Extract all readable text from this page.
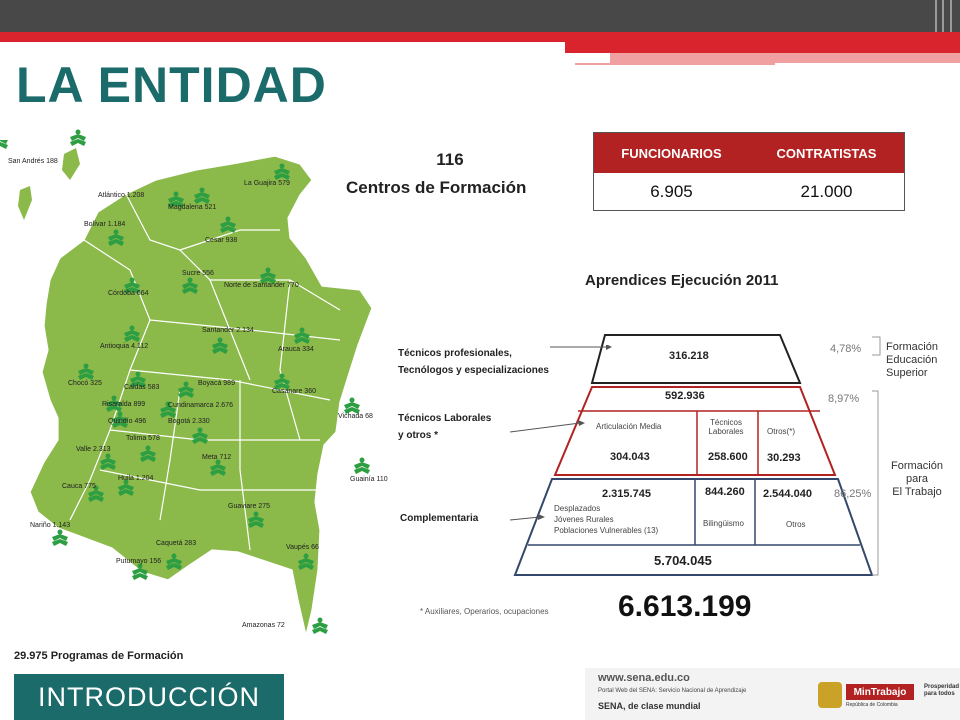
LA ENTIDAD
San Andrés 188
La Guajira 579
Atlántico 1.208
Magdalena 521
Bolívar 1.184
Cesar 938
Sucre 556
Norte de Santander 770
Córdoba 664
Santander 2.134
Antioquia 4.112	Arauca 334
Chocó 325
Caldas 583
Boyacá 989
Casanare 360
Risaralda 899	Cundinamarca 2.676
Vichada 68
Quindío 496	Bogotá 2.330
Tolima 578
Valle 2.313
Meta 712
Huila 1.204	Guainía 110
Cauca 775
Guaviare 275
Nariño 1.143
Caquetá 283
Vaupés 66
Putumayo 156
Amazonas 72
29.975 Programas de Formación
INTRODUCCIÓN
116
Centros de Formación
FUNCIONARIOS	CONTRATISTAS
6.905	21.000
Aprendices Ejecución 2011
Técnicos profesionales,
Tecnólogos y especializaciones
Técnicos Laborales
y otros *
Complementaria
316.218
592.936
Articulación Media
304.043
Técnicos
Laborales
258.600
Otros(*)
30.293
2.315.745
Desplazados
Jóvenes Rurales
Poblaciones Vulnerables (13)
844.260
Bilingüismo
2.544.040
Otros
5.704.045
4,78%
8,97%
86,25%
Formación
Educación
Superior
Formación
para
El Trabajo
6.613.199
* Auxiliares, Operarios, ocupaciones
www.sena.edu.co
Portal Web del SENA: Servicio Nacional de Aprendizaje
SENA, de clase mundial
MinTrabajo
República de Colombia
Prosperidad para todos
